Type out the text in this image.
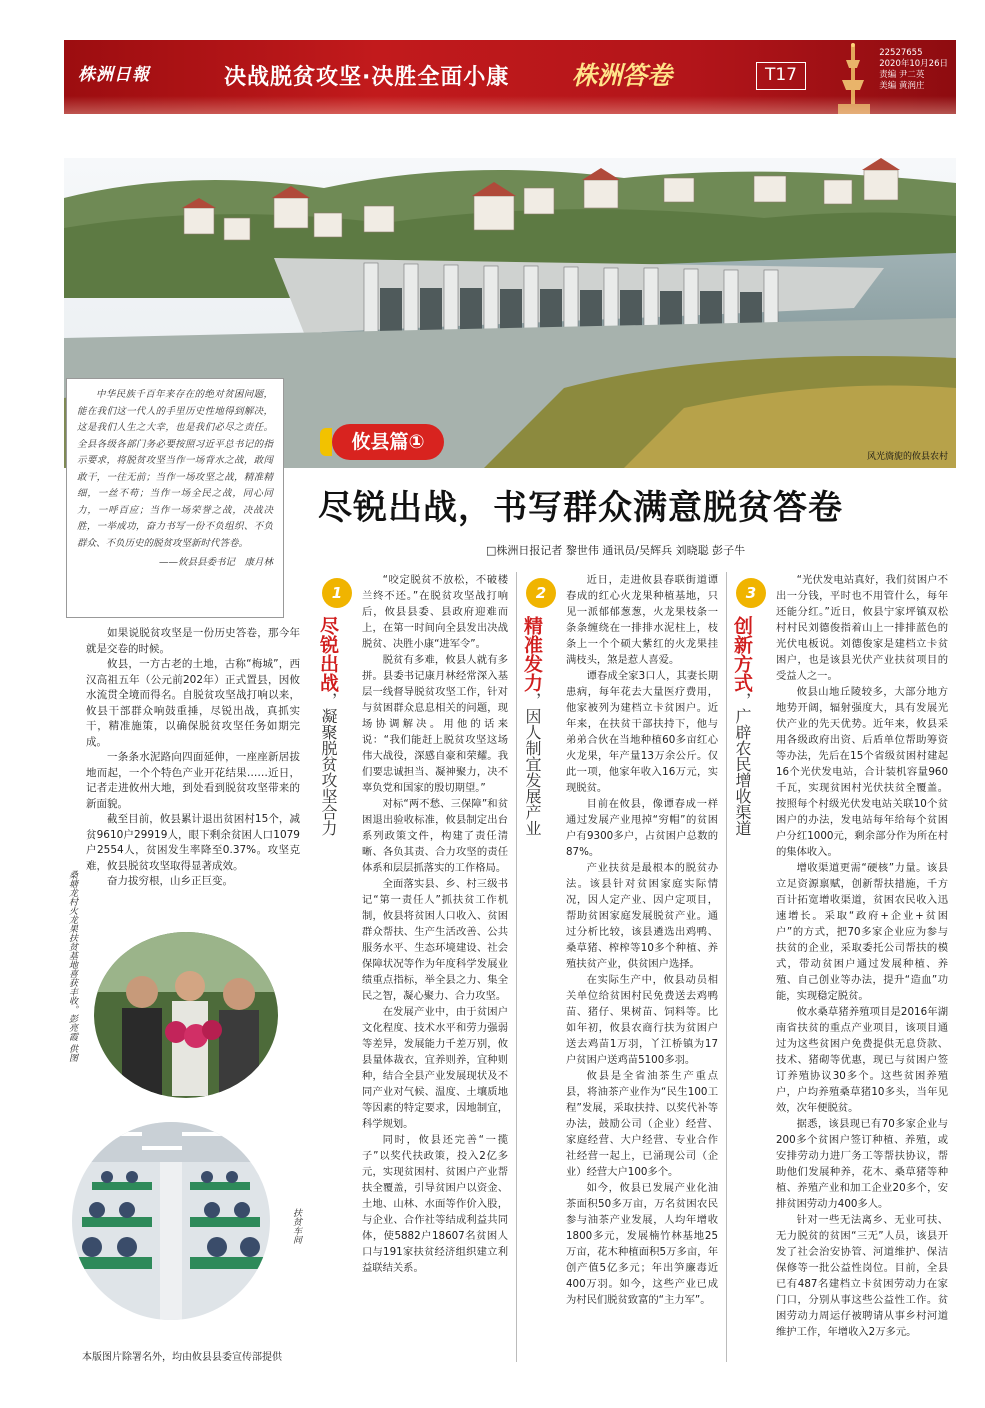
株洲日報	决战脱贫攻坚·决胜全面小康	株洲答卷	T17
22527655
2020年10月26日
责编 尹二英
美编 黄润庄
风光旖旎的攸县农村

中华民族千百年来存在的绝对贫困问题，能在我们这一代人的手里历史性地得到解决，这是我们人生之大幸，也是我们必尽之责任。全县各级各部门务必要按照习近平总书记的指示要求，将脱贫攻坚当作一场背水之战，敢闯敢干，一往无前；当作一场攻坚之战，精准精细，一丝不苟；当作一场全民之战，同心同力，一呼百应；当作一场荣誉之战，决战决胜，一举成功，奋力书写一份不负组织、不负群众、不负历史的脱贫攻坚新时代答卷。

——攸县县委书记　康月林

攸县篇①
尽锐出战，书写群众满意脱贫答卷
□株洲日报记者 黎世伟 通讯员/吴辉兵 刘晓聪 彭子牛

如果说脱贫攻坚是一份历史答卷，那今年就是交卷的时候。

攸县，一方古老的土地，古称“梅城”，西汉高祖五年（公元前202年）正式置县，因攸水流贯全境而得名。自脱贫攻坚战打响以来，攸县干部群众响鼓重捶，尽锐出战，真抓实干，精准施策，以确保脱贫攻坚任务如期完成。

一条条水泥路向四面延伸，一座座新居拔地而起，一个个特色产业开花结果……近日，记者走进攸州大地，到处看到脱贫攻坚带来的新面貌。

截至目前，攸县累计退出贫困村15个，减贫9610户29919人，眼下剩余贫困人口1079户2554人，贫困发生率降至0.37%。攻坚克难，攸县脱贫攻坚取得显著成效。

奋力拔穷根，山乡正巨变。

桑塘龙村火龙果扶贫基地喜获丰收。彭亮霞 供图
扶贫车间
本版图片除署名外，均由攸县县委宣传部提供
1
尽锐出战，凝聚脱贫攻坚合力

“咬定脱贫不放松，不破楼兰终不还。”在脱贫攻坚战打响后，攸县县委、县政府迎难而上，在第一时间向全县发出决战脱贫、决胜小康“进军令”。

脱贫有多难，攸县人就有多拼。县委书记康月林经常深入基层一线督导脱贫攻坚工作，针对与贫困群众息息相关的问题，现场协调解决。用他的话来说：“我们能赶上脱贫攻坚这场伟大战役，深感自豪和荣耀。我们要忠诚担当、凝神聚力，决不辜负党和国家的殷切期望。”

对标“两不愁、三保障”和贫困退出验收标准，攸县制定出台系列政策文件，构建了责任清晰、各负其责、合力攻坚的责任体系和层层抓落实的工作格局。

全面落实县、乡、村三级书记“第一责任人”抓扶贫工作机制，攸县将贫困人口收入、贫困群众帮扶、生产生活改善、公共服务水平、生态环境建设、社会保障状况等作为年度科学发展业绩重点指标，举全县之力、集全民之智，凝心聚力、合力攻坚。

在发展产业中，由于贫困户文化程度、技术水平和劳力强弱等差异，发展能力千差万别，攸县量体裁衣，宜养则养，宜种则种，结合全县产业发展现状及不同产业对气候、温度、土壤质地等因素的特定要求，因地制宜，科学规划。

同时，攸县还完善“一揽子”以奖代扶政策，投入2亿多元，实现贫困村、贫困户产业帮扶全覆盖，引导贫困户以资金、土地、山林、水面等作价入股，与企业、合作社等结成利益共同体，使5882户18607名贫困人口与191家扶贫经济组织建立利益联结关系。

2
精准发力，因人制宜发展产业

近日，走进攸县春联街道谭春成的红心火龙果种植基地，只见一派郁郁葱葱，火龙果枝条一条条缠绕在一排排水泥柱上，枝条上一个个硕大紫红的火龙果挂满枝头，煞是惹人喜爱。

谭春成全家3口人，其妻长期患病，每年花去大量医疗费用，他家被列为建档立卡贫困户。近年来，在扶贫干部扶持下，他与弟弟合伙在当地种植60多亩红心火龙果，年产量13万余公斤。仅此一项，他家年收入16万元，实现脱贫。

目前在攸县，像谭春成一样通过发展产业甩掉“穷帽”的贫困户有9300多户，占贫困户总数的87%。

产业扶贫是最根本的脱贫办法。该县针对贫困家庭实际情况，因人定产业、因户定项目，帮助贫困家庭发展脱贫产业。通过分析比较，该县遴选出鸡鸭、桑草猪、榨榨等10多个种植、养殖扶贫产业，供贫困户选择。

在实际生产中，攸县动员相关单位给贫困村民免费送去鸡鸭苗、猪仔、果树苗、饲料等。比如年初，攸县农商行扶为贫困户送去鸡苗1万羽，丫江桥镇为17户贫困户送鸡苗5100多羽。

攸县是全省油茶生产重点县，将油茶产业作为“民生100工程”发展，采取扶持、以奖代补等办法，鼓励公司（企业）经营、家庭经营、大户经营、专业合作社经营一起上，已涌现公司（企业）经营大户100多个。

如今，攸县已发展产业化油茶面积50多万亩，万名贫困农民参与油茶产业发展，人均年增收1800多元，发展楠竹林基地25万亩，花木种植面积5万多亩，年创产值5亿多元；年出笋廉毒近400万羽。如今，这些产业已成为村民们脱贫致富的“主力军”。

3
创新方式，广辟农民增收渠道

“光伏发电站真好，我们贫困户不出一分钱，平时也不用管什么，每年还能分红。”近日，攸县宁家坪镇双松村村民刘德俊指着山上一排排蓝色的光伏电板说。刘德俊家是建档立卡贫困户，也是该县光伏产业扶贫项目的受益人之一。

攸县山地丘陵较多，大部分地方地势开阔，辐射强度大，具有发展光伏产业的先天优势。近年来，攸县采用各级政府出资、后盾单位帮助筹资等办法，先后在15个省级贫困村建起16个光伏发电站，合计装机容量960千瓦，实现贫困村光伏扶贫全覆盖。按照每个村级光伏发电站关联10个贫困户的办法，发电站每年给每个贫困户分红1000元，剩余部分作为所在村的集体收入。

增收渠道更需“硬核”力量。该县立足资源禀赋，创新帮扶措施，千方百计拓宽增收渠道，贫困农民收入迅速增长。采取“政府+企业+贫困户”的方式，把70多家企业应为参与扶贫的企业，采取委托公司帮扶的模式，带动贫困户通过发展种植、养殖、自己创业等办法，提升“造血”功能，实现稳定脱贫。

攸水桑草猪养殖项目是2016年湖南省扶贫的重点产业项目，该项目通过为这些贫困户免费提供无息贷款、技术、猪砌等优惠，现已与贫困户签订养殖协议30多个。这些贫困养殖户，户均养殖桑草猪10多头，当年见效，次年便脱贫。

据悉，该县现已有70多家企业与200多个贫困户签订种植、养殖，或安排劳动力进厂务工等帮扶协议，帮助他们发展种养，花木、桑草猪等种植、养殖产业和加工企业20多个，安排贫困劳动力400多人。

针对一些无法离乡、无业可扶、无力脱贫的贫困“三无”人员，该县开发了社会治安协管、河道维护、保洁保修等一批公益性岗位。目前，全县已有487名建档立卡贫困劳动力在家门口，分别从事这些公益性工作。贫困劳动力周运仔被聘请从事乡村河道维护工作，年增收入2万多元。
